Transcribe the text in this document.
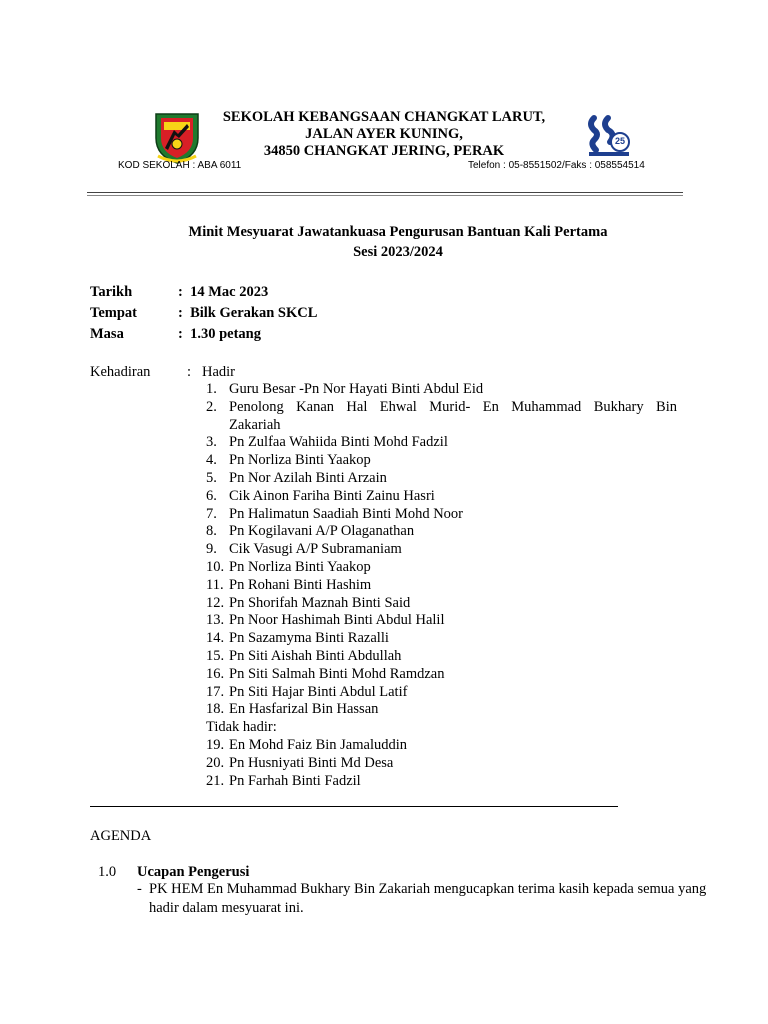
SEKOLAH KEBANGSAAN CHANGKAT LARUT,
JALAN AYER KUNING,
34850 CHANGKAT JERING, PERAK
25
KOD SEKOLAH : ABA 6011	Telefon : 05-8551502/Faks : 058554514
Minit Mesyuarat Jawatankuasa Pengurusan Bantuan Kali Pertama
Sesi 2023/2024
Tarikh	:  14 Mac 2023
Tempat	:  Bilk Gerakan SKCL
Masa	:  1.30 petang
Kehadiran	: Hadir
1. Guru Besar -Pn Nor Hayati Binti Abdul Eid
2. Penolong Kanan Hal Ehwal Murid- En Muhammad Bukhary Bin
Zakariah
3. Pn Zulfaa Wahiida Binti Mohd Fadzil
4. Pn Norliza Binti Yaakop
5. Pn Nor Azilah Binti Arzain
6. Cik Ainon Fariha Binti Zainu Hasri
7. Pn Halimatun Saadiah Binti Mohd Noor
8. Pn Kogilavani A/P Olaganathan
9. Cik Vasugi A/P Subramaniam
10. Pn Norliza Binti Yaakop
11. Pn Rohani Binti Hashim
12. Pn Shorifah Maznah Binti Said
13. Pn Noor Hashimah Binti Abdul Halil
14. Pn Sazamyma Binti Razalli
15. Pn Siti Aishah Binti Abdullah
16. Pn Siti Salmah Binti Mohd Ramdzan
17. Pn Siti Hajar Binti Abdul Latif
18. En Hasfarizal Bin Hassan
Tidak hadir:
19. En Mohd Faiz Bin Jamaluddin
20. Pn Husniyati Binti Md Desa
21. Pn Farhah Binti Fadzil
AGENDA
1.0 Ucapan Pengerusi
- PK HEM En Muhammad Bukhary Bin Zakariah mengucapkan terima kasih kepada semua yang
hadir dalam mesyuarat ini.
